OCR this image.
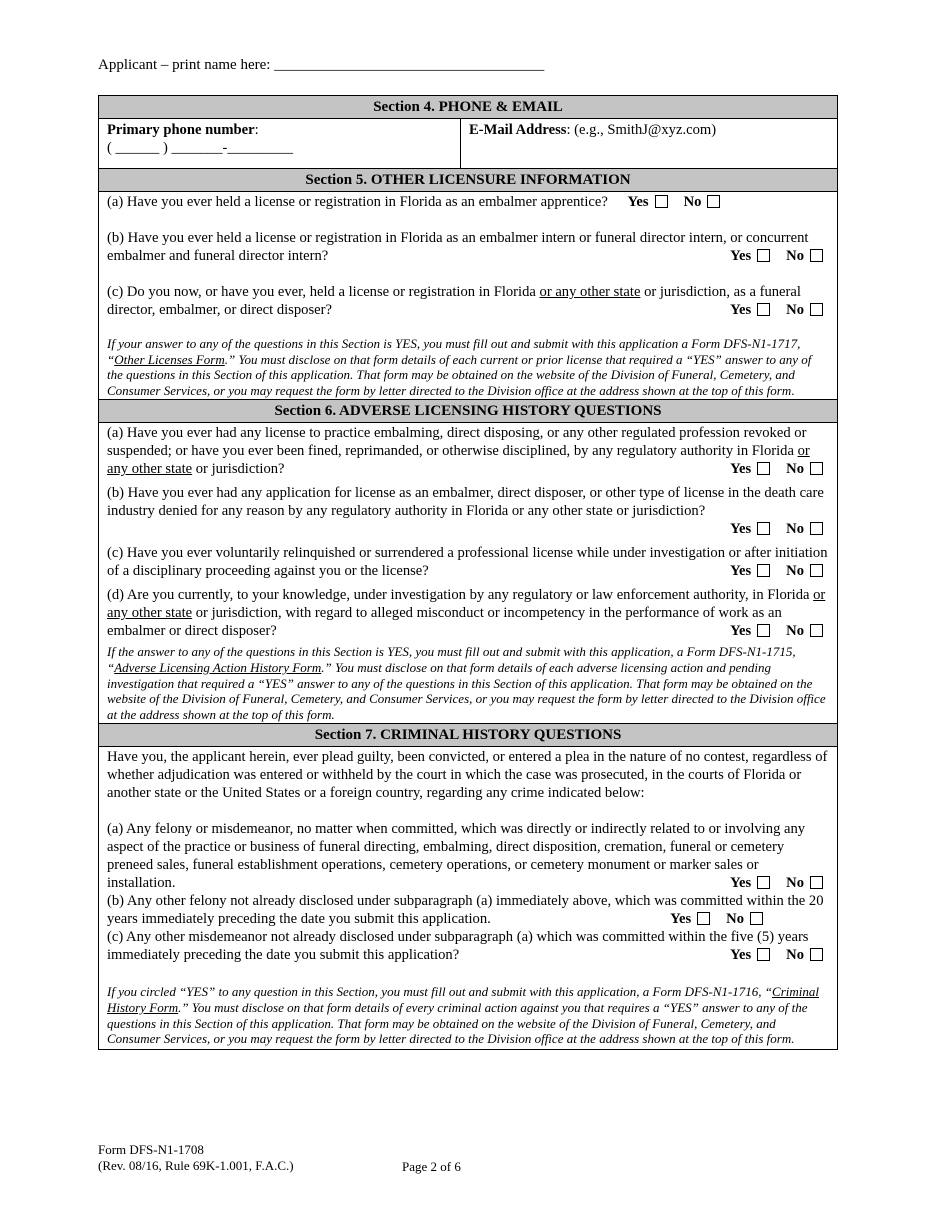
Applicant – print name here: ____________________________________
Section 4. PHONE & EMAIL
Primary phone number:
( ______ ) _______-_________
E-Mail Address: (e.g., SmithJ@xyz.com)
Section 5. OTHER LICENSURE INFORMATION
(a) Have you ever held a license or registration in Florida as an embalmer apprentice? Yes No
(b) Have you ever held a license or registration in Florida as an embalmer intern or funeral director intern, or concurrent embalmer and funeral director intern?	Yes No
(c) Do you now, or have you ever, held a license or registration in Florida or any other state or jurisdiction, as a funeral director, embalmer, or direct disposer?	Yes No

If your answer to any of the questions in this Section is YES, you must fill out and submit with this application a Form DFS-N1-1717, “Other Licenses Form.” You must disclose on that form details of each current or prior license that required a “YES” answer to any of the questions in this Section of this application. That form may be obtained on the website of the Division of Funeral, Cemetery, and Consumer Services, or you may request the form by letter directed to the Division office at the address shown at the top of this form.

Section 6. ADVERSE LICENSING HISTORY QUESTIONS
(a) Have you ever had any license to practice embalming, direct disposing, or any other regulated profession revoked or suspended; or have you ever been fined, reprimanded, or otherwise disciplined, by any regulatory authority in Florida or any other state or jurisdiction?	Yes No
(b) Have you ever had any application for license as an embalmer, direct disposer, or other type of license in the death care industry denied for any reason by any regulatory authority in Florida or any other state or jurisdiction?
Yes No
(c) Have you ever voluntarily relinquished or surrendered a professional license while under investigation or after initiation of a disciplinary proceeding against you or the license?	Yes No
(d) Are you currently, to your knowledge, under investigation by any regulatory or law enforcement authority, in Florida or any other state or jurisdiction, with regard to alleged misconduct or incompetency in the performance of work as an embalmer or direct disposer?	Yes No

If the answer to any of the questions in this Section is YES, you must fill out and submit with this application, a Form DFS-N1-1715, “Adverse Licensing Action History Form.” You must disclose on that form details of each adverse licensing action and pending investigation that required a “YES” answer to any of the questions in this Section of this application. That form may be obtained on the website of the Division of Funeral, Cemetery, and Consumer Services, or you may request the form by letter directed to the Division office at the address shown at the top of this form.

Section 7. CRIMINAL HISTORY QUESTIONS

Have you, the applicant herein, ever plead guilty, been convicted, or entered a plea in the nature of no contest, regardless of whether adjudication was entered or withheld by the court in which the case was prosecuted, in the courts of Florida or another state or the United States or a foreign country, regarding any crime indicated below:

(a) Any felony or misdemeanor, no matter when committed, which was directly or indirectly related to or involving any aspect of the practice or business of funeral directing, embalming, direct disposition, cremation, funeral or cemetery preneed sales, funeral establishment operations, cemetery operations, or cemetery monument or marker sales or installation.	Yes No
(b) Any other felony not already disclosed under subparagraph (a) immediately above, which was committed within the 20 years immediately preceding the date you submit this application.	Yes No
(c) Any other misdemeanor not already disclosed under subparagraph (a) which was committed within the five (5) years immediately preceding the date you submit this application?	Yes No

If you circled “YES” to any question in this Section, you must fill out and submit with this application, a Form DFS-N1-1716, “Criminal History Form.” You must disclose on that form details of every criminal action against you that requires a “YES” answer to any of the questions in this Section of this application. That form may be obtained on the website of the Division of Funeral, Cemetery, and Consumer Services, or you may request the form by letter directed to the Division office at the address shown at the top of this form.

Form DFS-N1-1708
(Rev. 08/16, Rule 69K-1.001, F.A.C.)	Page 2 of 6
